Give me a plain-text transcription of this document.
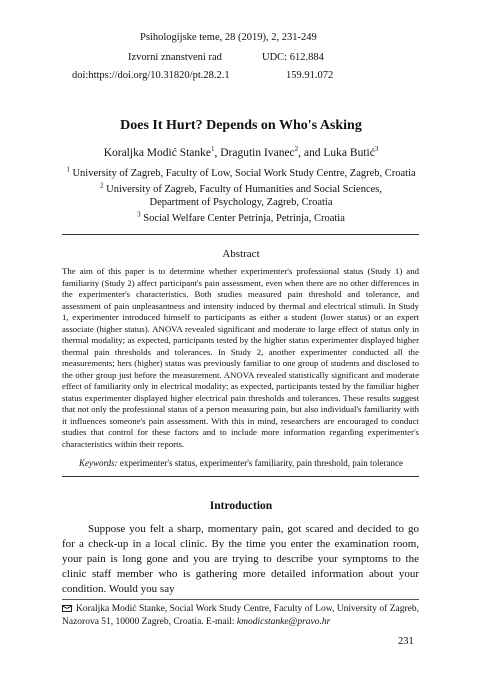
Psihologijske teme, 28 (2019), 2, 231-249
Izvorni znanstveni rad	UDC: 612.884
doi:https://doi.org/10.31820/pt.28.2.1	159.91.072
Does It Hurt? Depends on Who's Asking
Koraljka Modić Stanke$^1$, Dragutin Ivanec$^2$, and Luka Butić$^3$
$^1$ University of Zagreb, Faculty of Low, Social Work Study Centre, Zagreb, Croatia
$^2$ University of Zagreb, Faculty of Humanities and Social Sciences,
Department of Psychology, Zagreb, Croatia
$^3$ Social Welfare Center Petrinja, Petrinja, Croatia
Abstract
The aim of this paper is to determine whether experimenter's professional status (Study 1) and familiarity (Study 2) affect participant's pain assessment, even when there are no other differences in the experimenter's characteristics. Both studies measured pain threshold and tolerance, and assessment of pain unpleasantness and intensity induced by thermal and electrical stimuli. In Study 1, experimenter introduced himself to participants as either a student (lower status) or an expert associate (higher status). ANOVA revealed significant and moderate to large effect of status only in thermal modality; as expected, participants tested by the higher status experimenter displayed higher thermal pain thresholds and tolerances. In Study 2, another experimenter conducted all the measurements; hers (higher) status was previously familiar to one group of students and disclosed to the other group just before the measurement. ANOVA revealed statistically significant and moderate effect of familiarity only in electrical modality; as expected, participants tested by the familiar higher status experimenter displayed higher electrical pain thresholds and tolerances. These results suggest that not only the professional status of a person measuring pain, but also individual's familiarity with it influences someone's pain assessment. With this in mind, researchers are encouraged to conduct studies that control for these factors and to include more information regarding experimenter's characteristics within their reports.
Keywords: experimenter's status, experimenter's familiarity, pain threshold, pain tolerance
Introduction
Suppose you felt a sharp, momentary pain, got scared and decided to go for a check-up in a local clinic. By the time you enter the examination room, your pain is long gone and you are trying to describe your symptoms to the clinic staff member who is gathering more detailed information about your condition. Would you say
Koraljka Modić Stanke, Social Work Study Centre, Faculty of Low, University of Zagreb, Nazorova 51, 10000 Zagreb, Croatia. E-mail: kmodicstanke@pravo.hr
231
